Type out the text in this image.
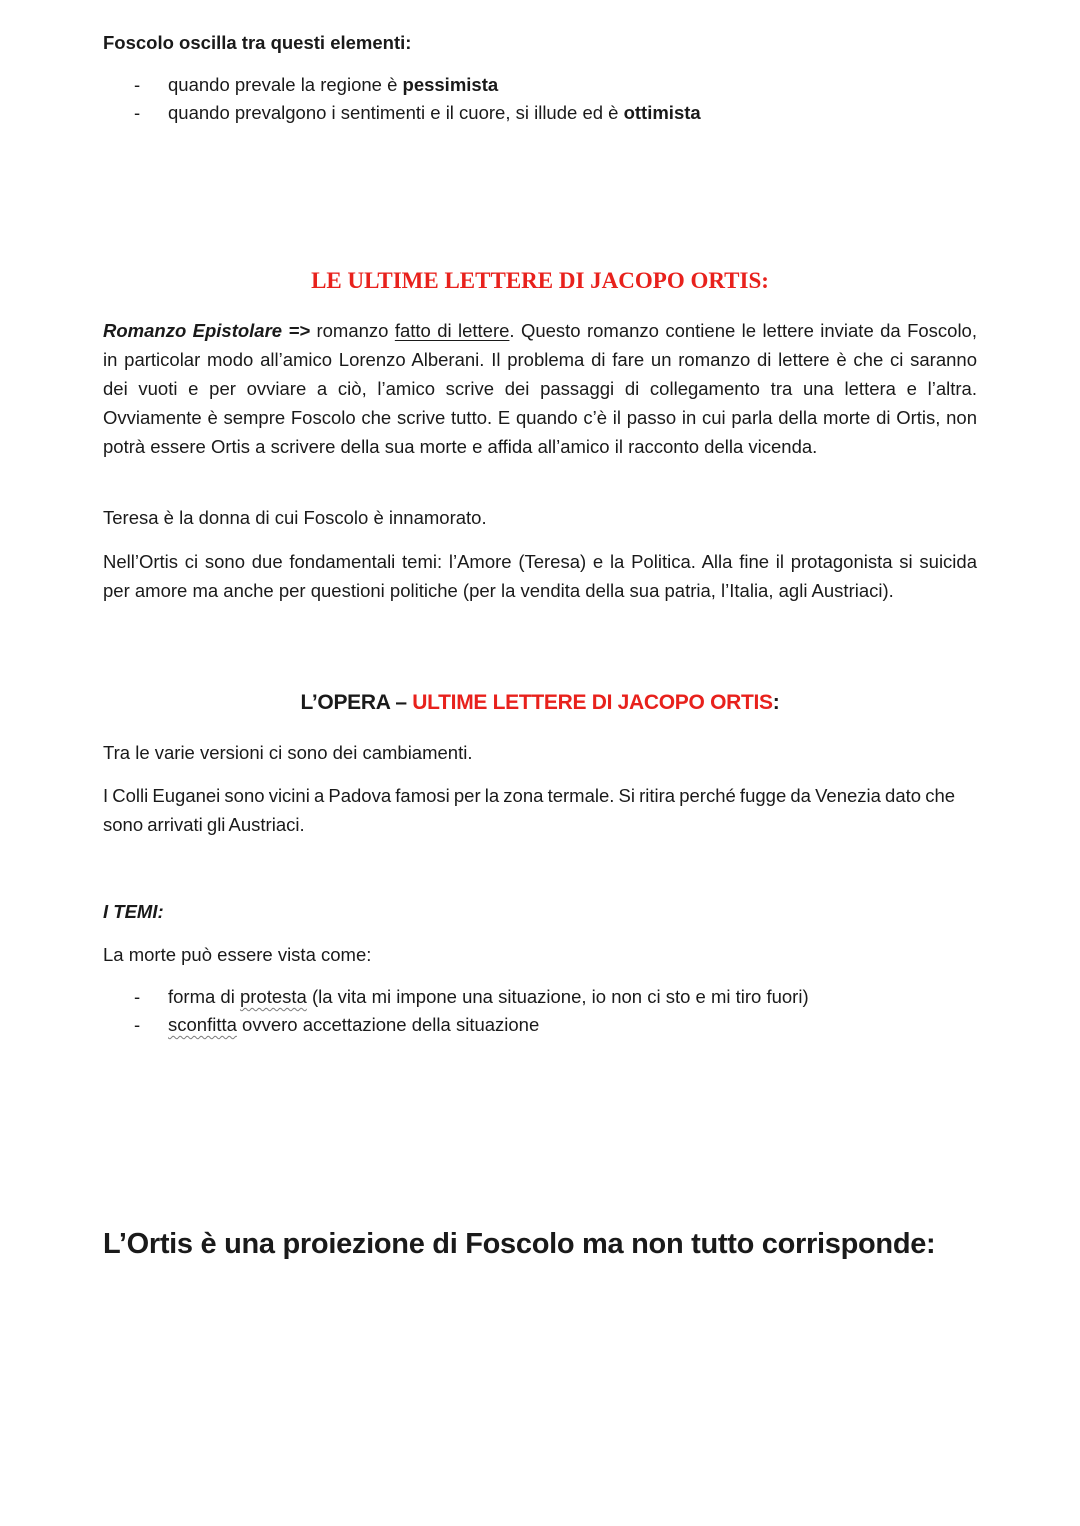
Foscolo oscilla tra questi elementi:
- quando prevale la regione è pessimista
- quando prevalgono i sentimenti e il cuore, si illude ed è ottimista
LE ULTIME LETTERE DI JACOPO ORTIS:

Romanzo Epistolare => romanzo fatto di lettere. Questo romanzo contiene le lettere inviate da Foscolo, in particolar modo all’amico Lorenzo Alberani. Il problema di fare un romanzo di lettere è che ci saranno dei vuoti e per ovviare a ciò, l’amico scrive dei passaggi di collegamento tra una lettera e l’altra. Ovviamente è sempre Foscolo che scrive tutto. E quando c’è il passo in cui parla della morte di Ortis, non potrà essere Ortis a scrivere della sua morte e affida all’amico il racconto della vicenda.

Teresa è la donna di cui Foscolo è innamorato.

Nell’Ortis ci sono due fondamentali temi: l’Amore (Teresa) e la Politica. Alla fine il protagonista si suicida per amore ma anche per questioni politiche (per la vendita della sua patria, l’Italia, agli Austriaci).

L’OPERA – ULTIME LETTERE DI JACOPO ORTIS:

Tra le varie versioni ci sono dei cambiamenti.

I Colli Euganei sono vicini a Padova famosi per la zona termale. Si ritira perché fugge da Venezia dato che sono arrivati gli Austriaci.

I TEMI:
La morte può essere vista come:
- forma di protesta (la vita mi impone una situazione, io non ci sto e mi tiro fuori)
- sconfitta ovvero accettazione della situazione
L’Ortis è una proiezione di Foscolo ma non tutto corrisponde:
